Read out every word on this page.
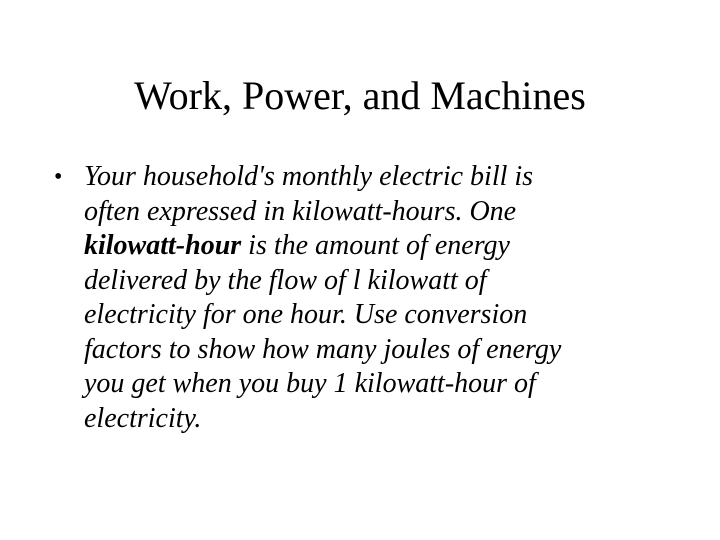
Work, Power, and Machines
• Your household's monthly electric bill is
often expressed in kilowatt-hours. One
kilowatt-hour is the amount of energy
delivered by the flow of l kilowatt of
electricity for one hour. Use conversion
factors to show how many joules of energy
you get when you buy 1 kilowatt-hour of
electricity.
